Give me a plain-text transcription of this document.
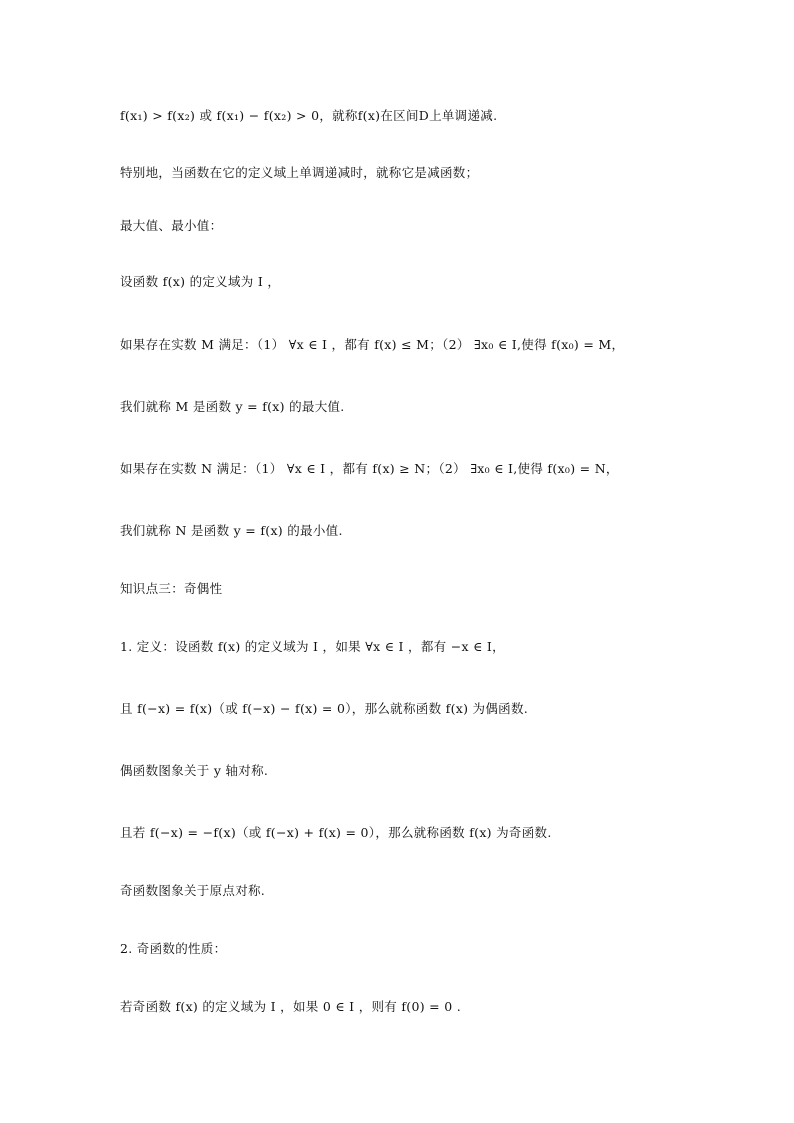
f(x₁) > f(x₂) 或 f(x₁) − f(x₂) > 0，就称f(x)在区间D上单调递减.
特别地，当函数在它的定义域上单调递减时，就称它是减函数；
最大值、最小值：
设函数 f(x) 的定义域为 I ，
如果存在实数 M 满足：（1） ∀x ∈ I ，都有 f(x) ≤ M；（2） ∃x₀ ∈ I,使得 f(x₀) = M，
我们就称 M 是函数 y = f(x) 的最大值.
如果存在实数 N 满足：（1） ∀x ∈ I ，都有 f(x) ≥ N；（2） ∃x₀ ∈ I,使得 f(x₀) = N，
我们就称 N 是函数 y = f(x) 的最小值.
知识点三：奇偶性
1. 定义：设函数 f(x) 的定义域为 I ，如果 ∀x ∈ I ，都有 −x ∈ I，
且 f(−x) = f(x)（或 f(−x) − f(x) = 0），那么就称函数 f(x) 为偶函数.
偶函数图象关于 y 轴对称.
且若 f(−x) = −f(x)（或 f(−x) + f(x) = 0），那么就称函数 f(x) 为奇函数.
奇函数图象关于原点对称.
2. 奇函数的性质：
若奇函数 f(x) 的定义域为 I ，如果 0 ∈ I ，则有 f(0) = 0 .
